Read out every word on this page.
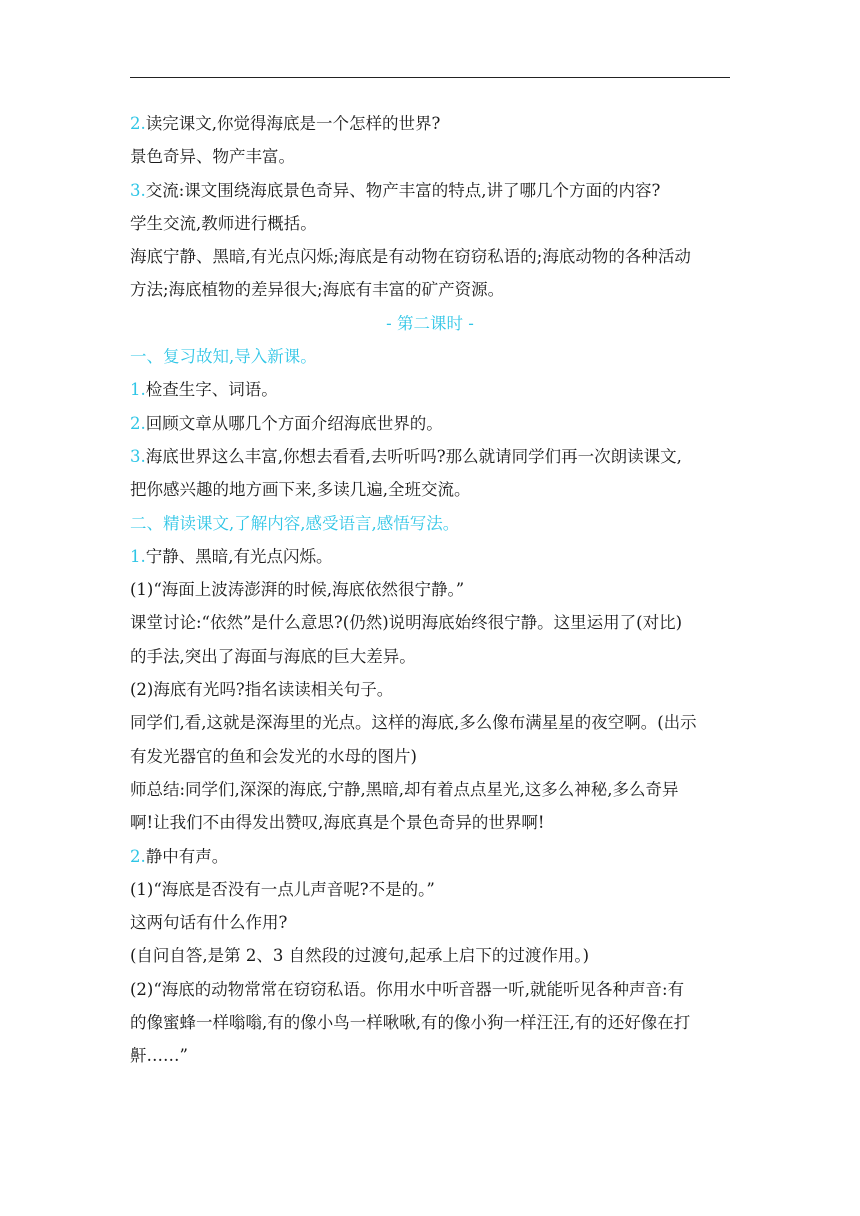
2.读完课文,你觉得海底是一个怎样的世界?
景色奇异、物产丰富。
3.交流:课文围绕海底景色奇异、物产丰富的特点,讲了哪几个方面的内容?
学生交流,教师进行概括。
海底宁静、黑暗,有光点闪烁;海底是有动物在窃窃私语的;海底动物的各种活动
方法;海底植物的差异很大;海底有丰富的矿产资源。
- 第二课时 -
一、复习故知,导入新课。
1.检查生字、词语。
2.回顾文章从哪几个方面介绍海底世界的。
3.海底世界这么丰富,你想去看看,去听听吗?那么就请同学们再一次朗读课文,
把你感兴趣的地方画下来,多读几遍,全班交流。
二、精读课文,了解内容,感受语言,感悟写法。
1.宁静、黑暗,有光点闪烁。
(1)“海面上波涛澎湃的时候,海底依然很宁静。”
课堂讨论:“依然”是什么意思?(仍然)说明海底始终很宁静。这里运用了(对比)
的手法,突出了海面与海底的巨大差异。
(2)海底有光吗?指名读读相关句子。
同学们,看,这就是深海里的光点。这样的海底,多么像布满星星的夜空啊。(出示
有发光器官的鱼和会发光的水母的图片)
师总结:同学们,深深的海底,宁静,黑暗,却有着点点星光,这多么神秘,多么奇异
啊!让我们不由得发出赞叹,海底真是个景色奇异的世界啊!
2.静中有声。
(1)“海底是否没有一点儿声音呢?不是的。”
这两句话有什么作用?
(自问自答,是第 2、3 自然段的过渡句,起承上启下的过渡作用。)
(2)“海底的动物常常在窃窃私语。你用水中听音器一听,就能听见各种声音:有
的像蜜蜂一样嗡嗡,有的像小鸟一样啾啾,有的像小狗一样汪汪,有的还好像在打
鼾……”
